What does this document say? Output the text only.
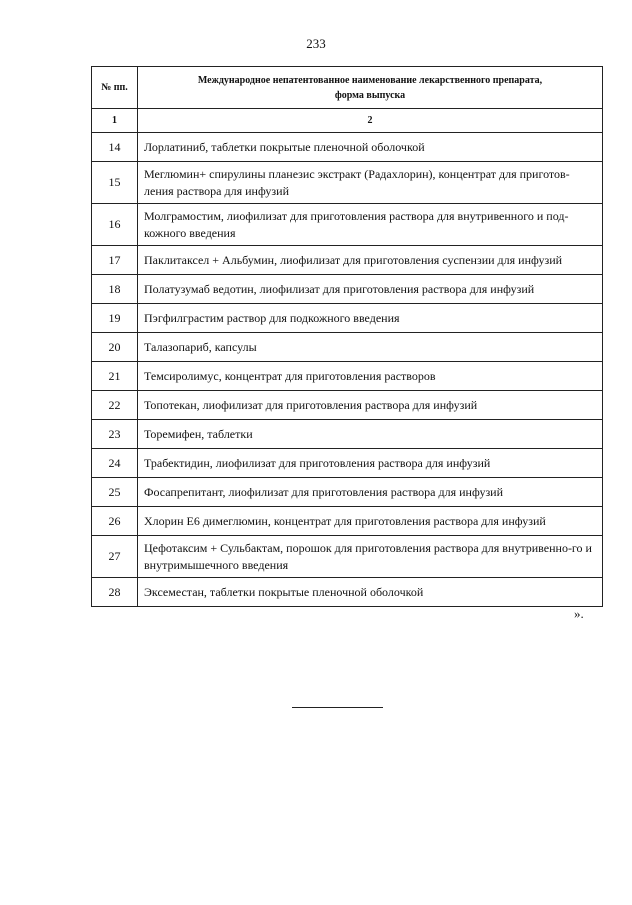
233
№ пп.	Международное непатентованное наименование лекарственного препарата,
форма выпуска
1	2
14	Лорлатиниб, таблетки покрытые пленочной оболочкой
15	Меглюмин+ спирулины планезис экстракт (Радахлорин), концентрат для приготов-ления раствора для инфузий
16	Молграмостим, лиофилизат для приготовления раствора для внутривенного и под-кожного введения
17	Паклитаксел + Альбумин, лиофилизат для приготовления суспензии для инфузий
18	Полатузумаб ведотин, лиофилизат для приготовления раствора для инфузий
19	Пэгфилграстим раствор для подкожного введения
20	Талазопариб, капсулы
21	Темсиролимус, концентрат для приготовления растворов
22	Топотекан, лиофилизат для приготовления раствора для инфузий
23	Торемифен, таблетки
24	Трабектидин, лиофилизат для приготовления раствора для инфузий
25	Фосапрепитант, лиофилизат для приготовления раствора для инфузий
26	Хлорин Е6 димеглюмин, концентрат для приготовления раствора для инфузий
27	Цефотаксим + Сульбактам, порошок для приготовления раствора для внутривенно-го и внутримышечного введения
28	Эксеместан, таблетки покрытые пленочной оболочкой
».
